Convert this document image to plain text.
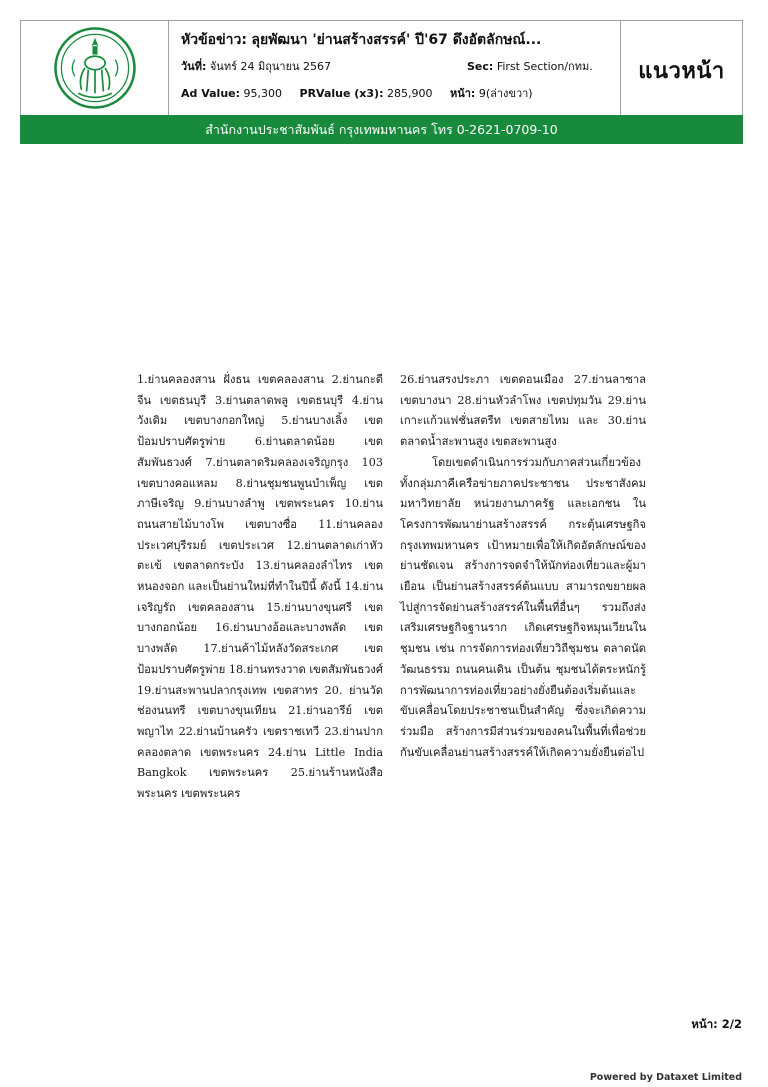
หัวข้อข่าว: ลุยพัฒนา 'ย่านสร้างสรรค์' ปี'67 ดึงอัตลักษณ์...
วันที่: จันทร์ 24 มิถุนายน 2567	Sec: First Section/กทม.
Ad Value: 95,300 PRValue (x3): 285,900 หน้า: 9(ล่างขวา)
แนวหน้า
สำนักงานประชาสัมพันธ์ กรุงเทพมหานคร โทร 0-2621-0709-10

1.ย่านคลองสาน ฝั่งธน เขตคลองสาน 2.ย่านกะดีจีน เขตธนบุรี 3.ย่านตลาดพลู เขตธนบุรี 4.ย่านวังเดิม เขตบางกอกใหญ่ 5.ย่านบางเลิ้ง เขตป้อมปราบศัตรูพ่าย 6.ย่านตลาดน้อย เขตสัมพันธวงศ์ 7.ย่านตลาดริมคลองเจริญกรุง 103 เขตบางคอแหลม 8.ย่านชุมชนพูนบำเพ็ญ เขตภาษีเจริญ 9.ย่านบางลำพู เขตพระนคร 10.ย่านถนนสายไม้บางโพ เขตบางซื่อ 11.ย่านคลองประเวศบุรีรมย์ เขตประเวศ 12.ย่านตลาดเก่าหัวตะเข้ เขตลาดกระบัง 13.ย่านคลองลำไทร เขตหนองจอก และเป็นย่านใหม่ที่ทำในปีนี้ ดังนี้ 14.ย่านเจริญรัถ เขตคลองสาน 15.ย่านบางขุนศรี เขตบางกอกน้อย 16.ย่านบางอ้อและบางพลัด เขตบางพลัด 17.ย่านค้าไม้หลังวัดสระเกศ เขตป้อมปราบศัตรูพ่าย 18.ย่านทรงวาด เขตสัมพันธวงศ์ 19.ย่านสะพานปลากรุงเทพ เขตสาทร 20. ย่านวัดช่องนนทรี เขตบางขุนเทียน 21.ย่านอารีย์ เขตพญาไท 22.ย่านบ้านครัว เขตราชเทวี 23.ย่านปากคลองตลาด เขตพระนคร 24.ย่าน Little India Bangkok เขตพระนคร 25.ย่านร้านหนังสือพระนคร เขตพระนคร

26.ย่านสรงประภา เขตดอนเมือง 27.ย่านลาซาล เขตบางนา 28.ย่านหัวลำโพง เขตปทุมวัน 29.ย่านเกาะแก้วแฟชั่นสตรีท เขตสายไหม และ 30.ย่านตลาดน้ำสะพานสูง เขตสะพานสูง

โดยเขตดำเนินการร่วมกับภาคส่วนเกี่ยวข้อง ทั้งกลุ่มภาคีเครือข่ายภาคประชาชน ประชาสังคม มหาวิทยาลัย หน่วยงานภาครัฐ และเอกชน ในโครงการพัฒนาย่านสร้างสรรค์ กระตุ้นเศรษฐกิจกรุงเทพมหานคร เป้าหมายเพื่อให้เกิดอัตลักษณ์ของย่านชัดเจน สร้างการจดจำให้นักท่องเที่ยวและผู้มาเยือน เป็นย่านสร้างสรรค์ต้นแบบ สามารถขยายผลไปสู่การจัดย่านสร้างสรรค์ในพื้นที่อื่นๆ รวมถึงส่งเสริมเศรษฐกิจฐานราก เกิดเศรษฐกิจหมุนเวียนในชุมชน เช่น การจัดการท่องเที่ยววิถีชุมชน ตลาดนัดวัฒนธรรม ถนนคนเดิน เป็นต้น ชุมชนได้ตระหนักรู้การพัฒนาการท่องเที่ยวอย่างยั่งยืนต้องเริ่มต้นและขับเคลื่อนโดยประชาชนเป็นสำคัญ ซึ่งจะเกิดความร่วมมือ สร้างการมีส่วนร่วมของคนในพื้นที่เพื่อช่วยกันขับเคลื่อนย่านสร้างสรรค์ให้เกิดความยั่งยืนต่อไป

หน้า: 2/2
Powered by Dataxet Limited
